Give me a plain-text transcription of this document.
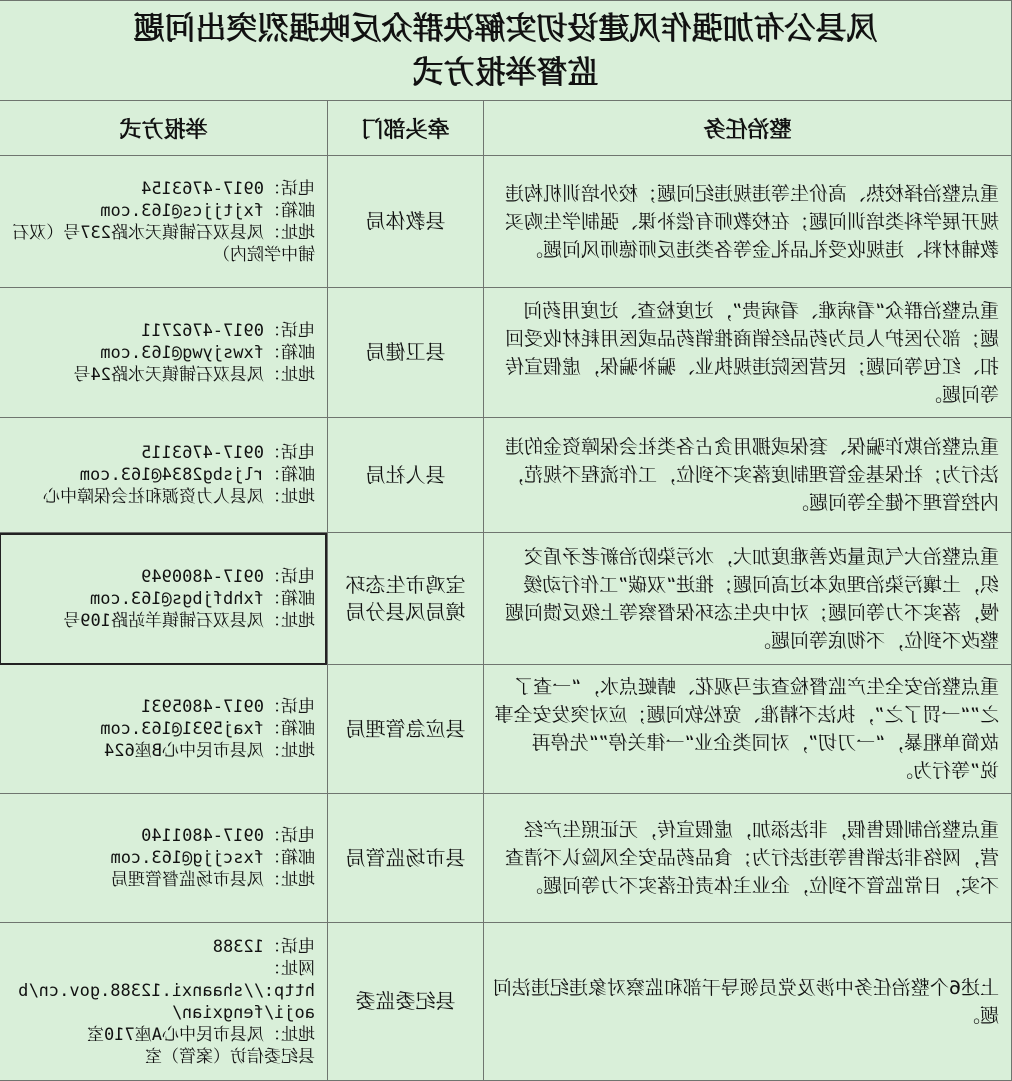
凤县公布加强作风建设切实解决群众反映强烈突出问题
监督举报方式		

整治任务	牵头部门	举报方式
重点整治择校热、高价生等违规违纪问题；校外培训机构违规开展学科类培训问题；在校教师有偿补课、强制学生购买教辅材料、违规收受礼品礼金等各类违反师德师风问题。	县教体局	电话：0917-4763154
邮箱：fxjtjjcs@163.com
地址：凤县双石铺镇天水路237号（双石铺中学院内）

重点整治群众“看病难、看病贵”，过度检查、过度用药问题；部分医护人员为药品经销商推销药品或医用耗材收受回扣、红包等问题；民营医院违规执业、骗补骗保，虚假宣传等问题。	县卫健局	电话：0917-4762711
邮箱：fxwsjywg@163.com
地址：凤县双石铺镇天水路24号

重点整治欺诈骗保、套保或挪用贪占各类社会保障资金的违法行为；社保基金管理制度落实不到位，工作流程不规范，内控管理不健全等问题。	县人社局	电话：0917-4763115
邮箱：rljsbg2834@163.com
地址：凤县人力资源和社会保障中心

重点整治大气质量改善难度加大，水污染防治新老矛盾交织，土壤污染治理成本过高问题；推进“双碳”工作行动缓慢，落实不力等问题；对中央生态环保督察等上级反馈问题整改不到位，不彻底等问题。	宝鸡市生态环境局凤县分局	电话：0917-4800949
邮箱：fxhbfjbgs@163.com
地址：凤县双石铺镇羊站路109号

重点整治安全生产监督检查走马观花、蜻蜓点水，“一查了之”“一罚了之”，执法不精准、宽松软问题；应对突发安全事故简单粗暴，“一刀切”，对同类企业“一律关停”“先停再说”等行为。	县应急管理局	电话：0917-4805931
邮箱：fxaj5931@163.com
地址：凤县市民中心B座624

重点整治制假售假，非法添加，虚假宣传，无证照生产经营，网络非法销售等违法行为；食品药品安全风险认不清查不实，日常监管不到位，企业主体责任落实不力等问题。	县市场监管局	电话：0917-4801140
邮箱：fxscjjg@163.com
地址：凤县市场监督管理局

上述6个整治任务中涉及党员领导干部和监察对象违纪违法问题。	县纪委监委	电话：12388
网址：
http://shaanxi.12388.gov.cn/baoji/fengxian/
地址：凤县市民中心A座710室
县纪委信访（案管）室
